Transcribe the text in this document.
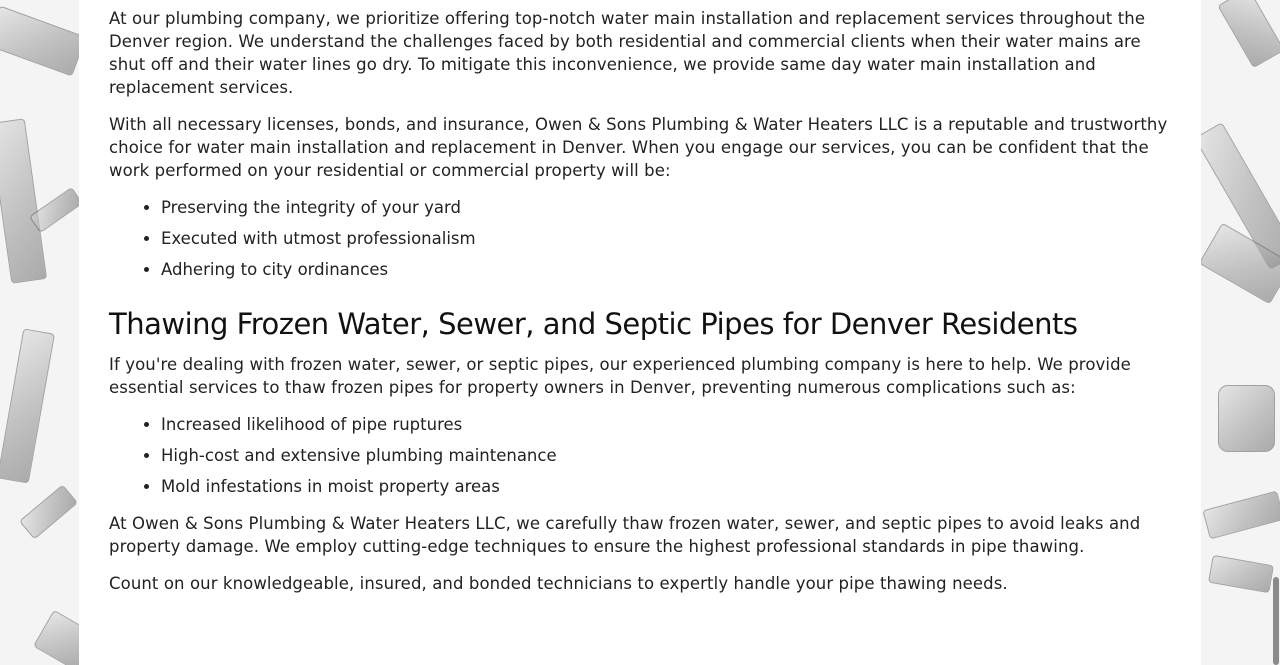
At our plumbing company, we prioritize offering top-notch water main installation and replacement services throughout the Denver region. We understand the challenges faced by both residential and commercial clients when their water mains are shut off and their water lines go dry. To mitigate this inconvenience, we provide same day water main installation and replacement services.

With all necessary licenses, bonds, and insurance, Owen & Sons Plumbing & Water Heaters LLC is a reputable and trustworthy choice for water main installation and replacement in Denver. When you engage our services, you can be confident that the work performed on your residential or commercial property will be:

• Preserving the integrity of your yard
• Executed with utmost professionalism
• Adhering to city ordinances
Thawing Frozen Water, Sewer, and Septic Pipes for Denver Residents

If you're dealing with frozen water, sewer, or septic pipes, our experienced plumbing company is here to help. We provide essential services to thaw frozen pipes for property owners in Denver, preventing numerous complications such as:

• Increased likelihood of pipe ruptures
• High-cost and extensive plumbing maintenance
• Mold infestations in moist property areas

At Owen & Sons Plumbing & Water Heaters LLC, we carefully thaw frozen water, sewer, and septic pipes to avoid leaks and property damage. We employ cutting-edge techniques to ensure the highest professional standards in pipe thawing.

Count on our knowledgeable, insured, and bonded technicians to expertly handle your pipe thawing needs.
